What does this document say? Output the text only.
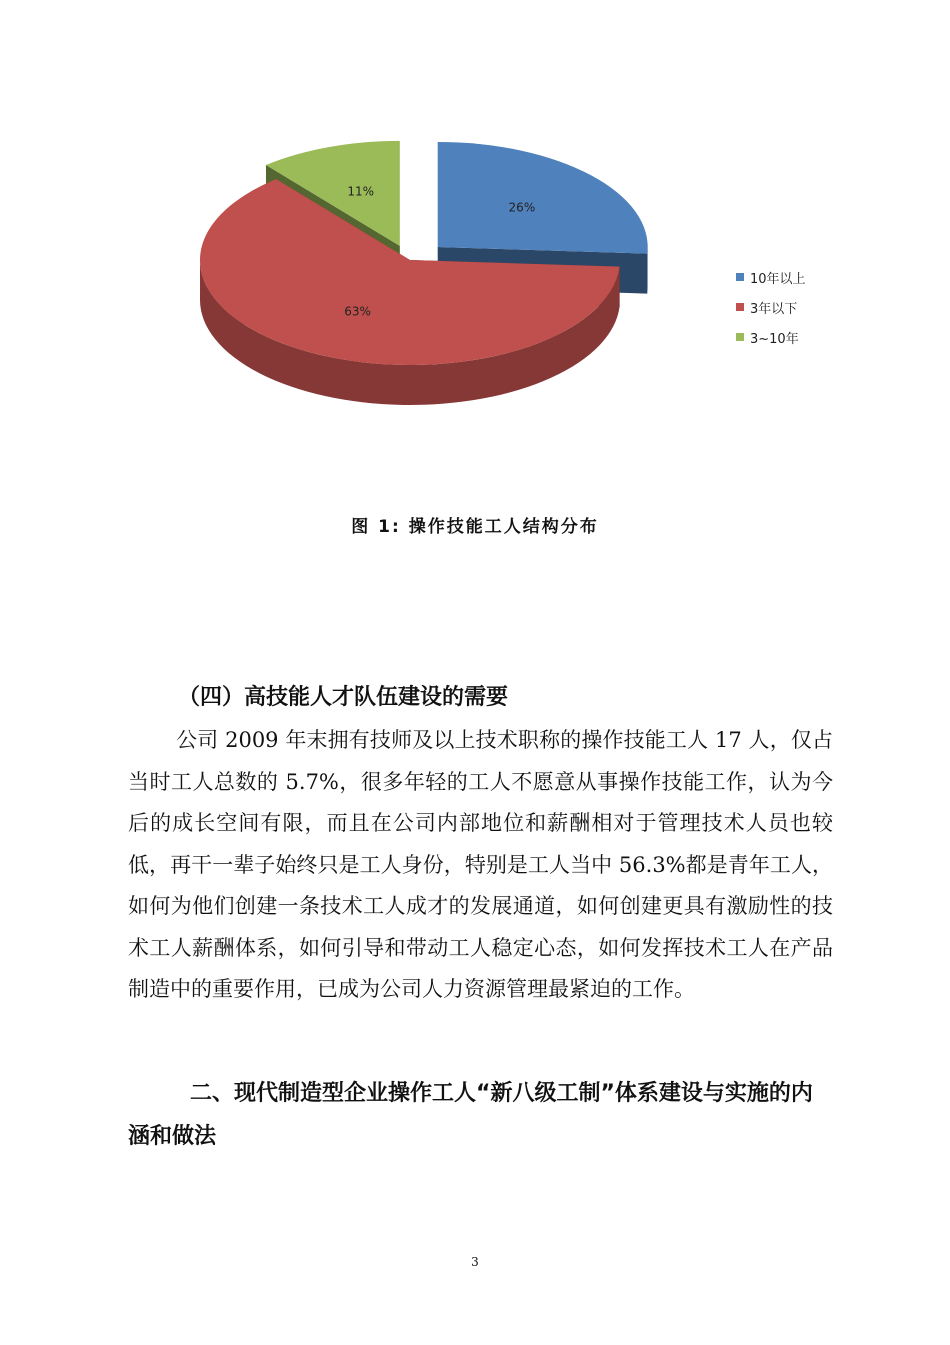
11%
26%
63%
10年以上
3年以下
3~10年
图 1: 操作技能工人结构分布
（四）高技能人才队伍建设的需要
公司 2009 年末拥有技师及以上技术职称的操作技能工人 17 人，仅占当时工人总数的 5.7%，很多年轻的工人不愿意从事操作技能工作，认为今后的成长空间有限，而且在公司内部地位和薪酬相对于管理技术人员也较低，再干一辈子始终只是工人身份，特别是工人当中 56.3%都是青年工人，如何为他们创建一条技术工人成才的发展通道，如何创建更具有激励性的技术工人薪酬体系，如何引导和带动工人稳定心态，如何发挥技术工人在产品制造中的重要作用，已成为公司人力资源管理最紧迫的工作。
二、现代制造型企业操作工人“新八级工制”体系建设与实施的内涵和做法
3
